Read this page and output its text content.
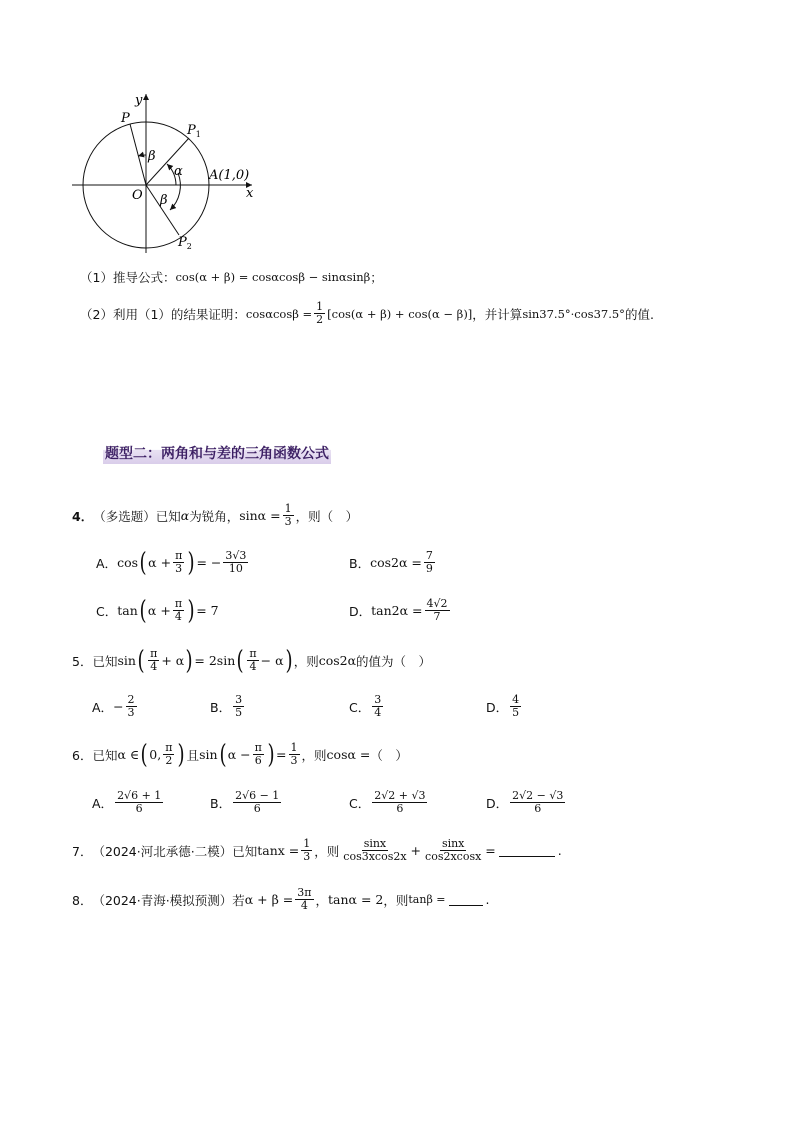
y
x
P
$P_1$
$P_2$
O
A(1,0)
β
α
β
（1）推导公式： cos(α + β) = cosαcosβ − sinαsinβ ；
（2）利用（1）的结果证明： $\cos\alpha\cos\beta = \frac{1}{2} [\cos(\alpha + \beta) + \cos(\alpha - \beta)]$ ，并计算 sin37.5°·cos37.5° 的值.
题型二：两角和与差的三角函数公式
4． （多选题） 已知 α 为锐角， $\sin\alpha = \frac{1}{3}$ ，则（　）
A． cos ( $\alpha + \frac{\pi}{3}$ ) = − $\frac{3√3}{10}$	B． $\cos 2\alpha = \frac{7}{9}$
C． tan ( $\alpha + \frac{\pi}{4}$ ) = 7	D． $\tan 2\alpha = \frac{4√2}{7}$
5． 已知 sin ( $\frac{\pi}{4} + \alpha$ ) = 2sin ( $\frac{\pi}{4} - \alpha$ ) ，则 cos2α 的值为（　）
A． − $\frac{2}{3}$	B． $\frac{3}{5}$	C． $\frac{3}{4}$	D． $\frac{4}{5}$
6． 已知 α ∈ ( 0, $\frac{\pi}{2}$ ) 且 sin ( $\alpha - \frac{\pi}{6}$ ) = $\frac{1}{3}$ ，则 cosα = （　）
A． $\frac{2√6 + 1}{6}$	B． $\frac{2√6 - 1}{6}$	C． $\frac{2√2 + √3}{6}$	D． $\frac{2√2 - √3}{6}$
7． （2024·河北承德·二模） 已知 $\tan x = \frac{1}{3}$ ，则 $\frac{\sin x}{\cos 3xcos2x} + \frac{\sin x}{\cos 2xcosx}$ =	.
8． （2024·青海·模拟预测） 若 $\alpha + \beta = \frac{3\pi}{4}$ ， tanα = 2 ，则 tanβ =	.
